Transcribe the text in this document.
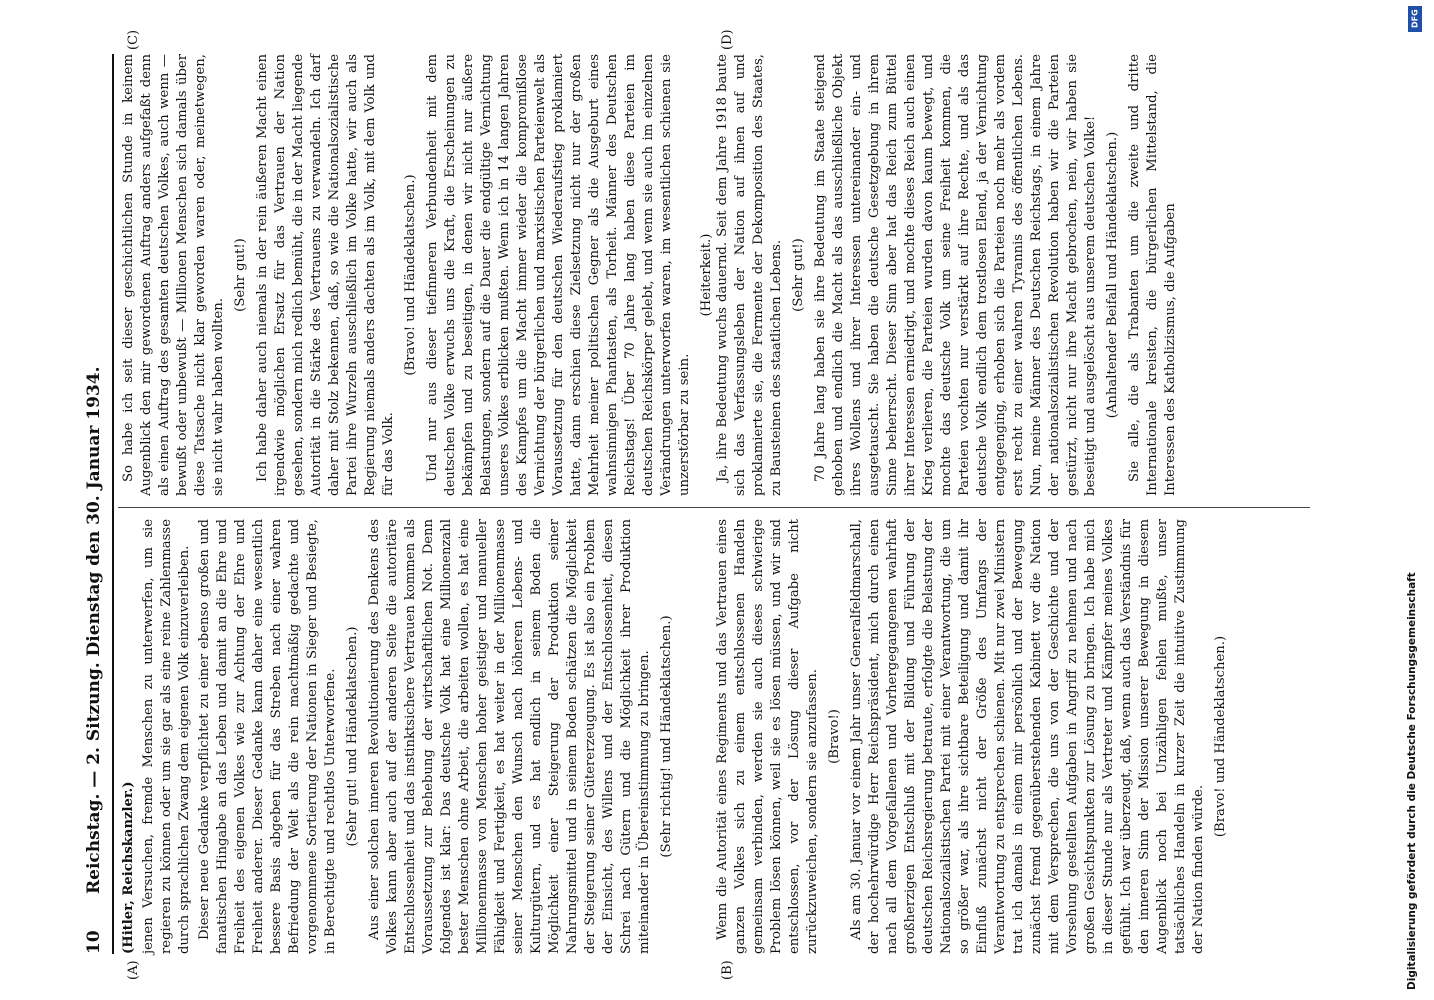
10
Reichstag. — 2. Sitzung. Dienstag den 30. Januar 1934. (Hitler, Reichskanzler.) jenen Versuchen, fremde Menschen zu unterwerfen, um sie regieren zu können oder um sie gar als eine reine Zahlenmasse durch sprachlichen Zwang dem eigenen Volk einzuverleiben. Dieser neue Gedanke verpflichtet zu einer ebenso großen und fanatischen Hingabe an das Leben und damit an die Ehre und Freiheit des eigenen Volkes wie zur Achtung der Ehre und Freiheit anderer. Dieser Gedanke kann daher eine wesentlich bessere Basis abgeben für das Streben nach einer wahren Befriedung der Welt als die rein machtmäßig gedachte und vorgenommene Sortierung der Nationen in Sieger und Besiegte, in Berechtigte und rechtlos Unterworfene. (Sehr gut! und Händeklatschen.) Aus einer solchen inneren Revolutionierung des Denkens des Volkes kann aber auch auf der anderen Seite die autoritäre Entschlossenheit und das instinktsichere Vertrauen kommen als Voraussetzung zur Behebung der wirtschaftlichen Not. Denn folgendes ist klar: Das deutsche Volk hat eine Millionenzahl bester Menschen ohne Arbeit, die arbeiten wollen, es hat eine Millionenmasse von Menschen hoher geistiger und manueller Fähigkeit und Fertigkeit, es hat weiter in der Millionenmasse seiner Menschen den Wunsch nach höheren Lebens- und Kulturgütern, und es hat endlich in seinem Boden die Möglichkeit einer Steigerung der Produktion seiner Nahrungsmittel und in seinem Boden schätzen die Möglichkeit der Steigerung seiner Gütererzeugung. Es ist also ein Problem der Einsicht, des Willens und der Entschlossenheit, diesen Schrei nach Gütern und die Möglichkeit ihrer Produktion miteinander in Übereinstimmung zu bringen. (Sehr richtig! und Händeklatschen.)

So habe ich seit dieser geschichtlichen Stunde in keinem Augenblick den mir gewordenen Auftrag anders aufgefaßt denn als einen Auftrag des gesamten deutschen Volkes, auch wenn — bewußt oder unbewußt — Millionen Menschen sich damals über diese Tatsache nicht klar geworden waren oder, meinetwegen, sie nicht wahr haben wollten.

(Sehr gut!) Ich habe daher auch niemals in der rein äußeren Macht einen irgendwie möglichen Ersatz für das Vertrauen der Nation gesehen, sondern mich redlich bemüht, die in der Macht liegende Autorität in die Stärke des Vertrauens zu verwandeln. Ich darf daher mit Stolz bekennen, daß, so wie die Nationalsozialistische Partei ihre Wurzeln ausschließlich im Volke hatte, wir auch als Regierung niemals anders dachten als im Volk, mit dem Volk und für das Volk.

(Bravo! und Händeklatschen.) Und nur aus dieser tiefinneren Verbundenheit mit dem deutschen Volke erwuchs uns die Kraft, die Erscheinungen zu bekämpfen und zu beseitigen, in denen wir nicht nur äußere Belastungen, sondern auf die Dauer die endgültige Vernichtung unseres Volkes erblicken mußten. Wenn ich in 14 langen Jahren des Kampfes um die Macht immer wieder die kompromißlose Vernichtung der bürgerlichen und marxistischen Parteienwelt als Voraussetzung für den deutschen Wiederaufstieg proklamiert hatte, dann erschien diese Zielsetzung nicht nur der großen Mehrheit meiner politischen Gegner als die Ausgeburt eines wahnsinnigen Phantasten, als Torheit. Männer des Deutschen Reichstags! Über 70 Jahre lang haben diese Parteien im deutschen Reichskörper gelebt, und wenn sie auch im einzelnen Verändrungen unterworfen waren, im wesentlichen schienen sie unzerstörbar zu sein.

(Heiterkeit.)

Wenn die Autorität eines Regiments und das Vertrauen eines ganzen Volkes sich zu einem entschlossenen Handeln gemeinsam verbinden, werden sie auch dieses schwierige Problem lösen können, weil sie es lösen müssen, und wir sind entschlossen, vor der Lösung dieser Aufgabe nicht zurückzuweichen, sondern sie anzufassen. (Bravo!) Als am 30. Januar vor einem Jahr unser Generalfeldmarschall, der hochehrwürdige Herr Reichspräsident, mich durch einen nach all dem Vorgefallenen und Vorhergegangenen wahrhaft großherzigen Entschluß mit der Bildung und Führung der deutschen Reichsregierung betraute, erfolgte die Belastung der Nationalsozialistischen Partei mit einer Verantwortung, die um so größer war, als ihre sichtbare Beteiligung und damit ihr Einfluß zunächst nicht der Größe des Umfangs der Verantwortung zu entsprechen schienen. Mit nur zwei Ministern trat ich damals in einem mir persönlich und der Bewegung zunächst fremd gegenüberstehenden Kabinett vor die Nation mit dem Versprechen, die uns von der Geschichte und der Vorsehung gestellten Aufgaben in Angriff zu nehmen und nach großen Gesichtspunkten zur Lösung zu bringen. Ich habe mich in dieser Stunde nur als Vertreter und Kämpfer meines Volkes gefühlt. Ich war überzeugt, daß, wenn auch das Verständnis für den inneren Sinn der Mission unserer Bewegung in diesem Augenblick noch bei Unzähligen fehlen mußte, unser tatsächliches Handeln in kurzer Zeit die intuitive Zustimmung der Nation finden würde.

(Bravo! und Händeklatschen.)

Ja, ihre Bedeutung wuchs dauernd. Seit dem Jahre 1918 baute sich das Verfassungsleben der Nation auf ihnen auf und proklamierte sie, die Fermente der Dekomposition des Staates, zu Bausteinen des staatlichen Lebens. (Sehr gut!) 70 Jahre lang haben sie ihre Bedeutung im Staate steigend gehoben und endlich die Macht als das ausschließliche Objekt ihres Wollens und ihrer Interessen untereinander ein- und ausgetauscht. Sie haben die deutsche Gesetzgebung in ihrem Sinne beherrscht. Dieser Sinn aber hat das Reich zum Büttel ihrer Interessen erniedrigt, und mochte dieses Reich auch einen Krieg verlieren, die Parteien wurden davon kaum bewegt, und mochte das deutsche Volk um seine Freiheit kommen, die Parteien vochten nur verstärkt auf ihre Rechte, und als das deutsche Volk endlich dem trostlosen Elend, ja der Vernichtung entgegenging, erhoben sich die Parteien noch mehr als vordem erst recht zu einer wahren Tyrannis des öffentlichen Lebens. Nun, meine Männer des Deutschen Reichstags, in einem Jahre der nationalsozialistischen Revolution haben wir die Parteien gestürzt, nicht nur ihre Macht gebrochen, nein, wir haben sie beseitigt und ausgelöscht aus unserem deutschen Volke! (Anhaltender Beifall und Händeklatschen.) Sie alle, die als Trabanten um die zweite und dritte Internationale kreisten, die bürgerlichen Mittelstand, die Interessen des Katholizismus, die Aufgaben

(A)	(B)
(C)	(D)
DFG
Digitalisierung gefördert durch die Deutsche Forschungsgemeinschaft
